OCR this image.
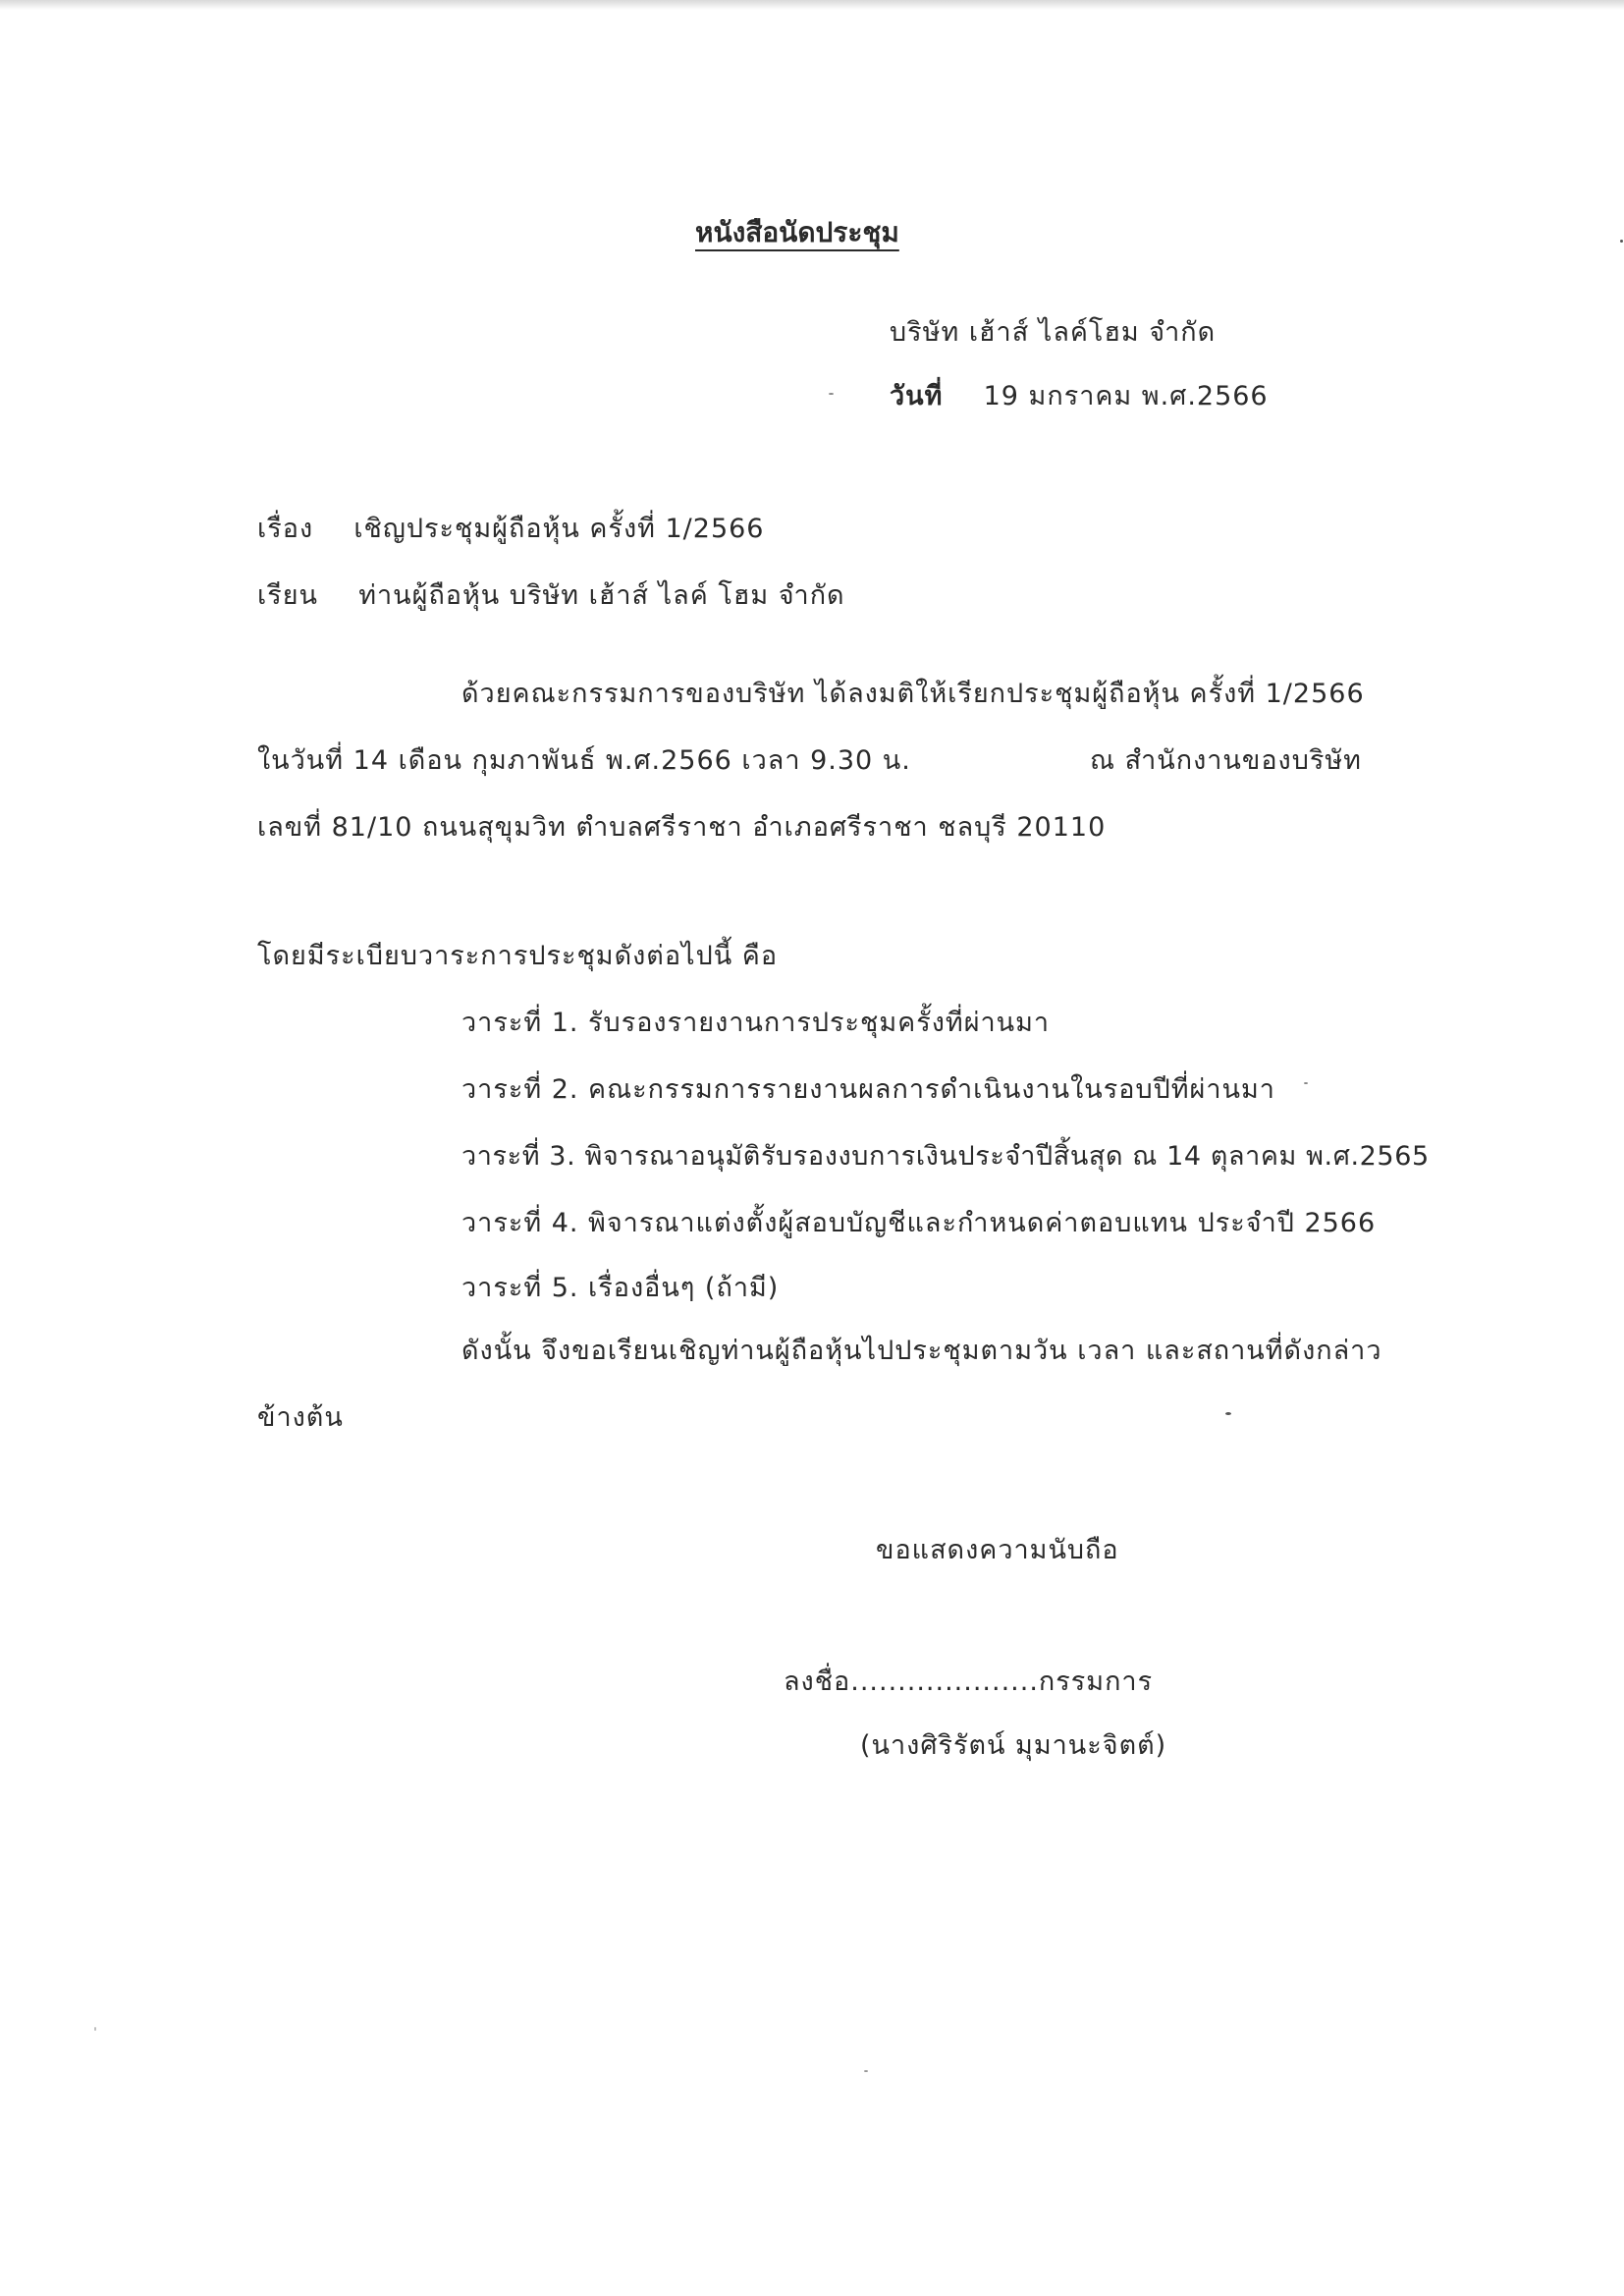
หนังสือนัดประชุม
บริษัท เฮ้าส์ ไลค์โฮม จำกัด
วันที่ 19 มกราคม พ.ศ.2566
เรื่อง เชิญประชุมผู้ถือหุ้น ครั้งที่ 1/2566
เรียน ท่านผู้ถือหุ้น บริษัท เฮ้าส์ ไลค์ โฮม จำกัด
ด้วยคณะกรรมการของบริษัท ได้ลงมติให้เรียกประชุมผู้ถือหุ้น ครั้งที่ 1/2566
ในวันที่ 14 เดือน กุมภาพันธ์ พ.ศ.2566 เวลา 9.30 น.	ณ สำนักงานของบริษัท
เลขที่ 81/10 ถนนสุขุมวิท ตำบลศรีราชา อำเภอศรีราชา ชลบุรี 20110
โดยมีระเบียบวาระการประชุมดังต่อไปนี้ คือ
วาระที่ 1. รับรองรายงานการประชุมครั้งที่ผ่านมา
วาระที่ 2. คณะกรรมการรายงานผลการดำเนินงานในรอบปีที่ผ่านมา
วาระที่ 3. พิจารณาอนุมัติรับรองงบการเงินประจำปีสิ้นสุด ณ 14 ตุลาคม พ.ศ.2565
วาระที่ 4. พิจารณาแต่งตั้งผู้สอบบัญชีและกำหนดค่าตอบแทน ประจำปี 2566
วาระที่ 5. เรื่องอื่นๆ (ถ้ามี)
ดังนั้น จึงขอเรียนเชิญท่านผู้ถือหุ้นไปประชุมตามวัน เวลา และสถานที่ดังกล่าว
ข้างต้น
ขอแสดงความนับถือ
ลงชื่อ....................กรรมการ
(นางศิริรัตน์ มุมานะจิตต์)
